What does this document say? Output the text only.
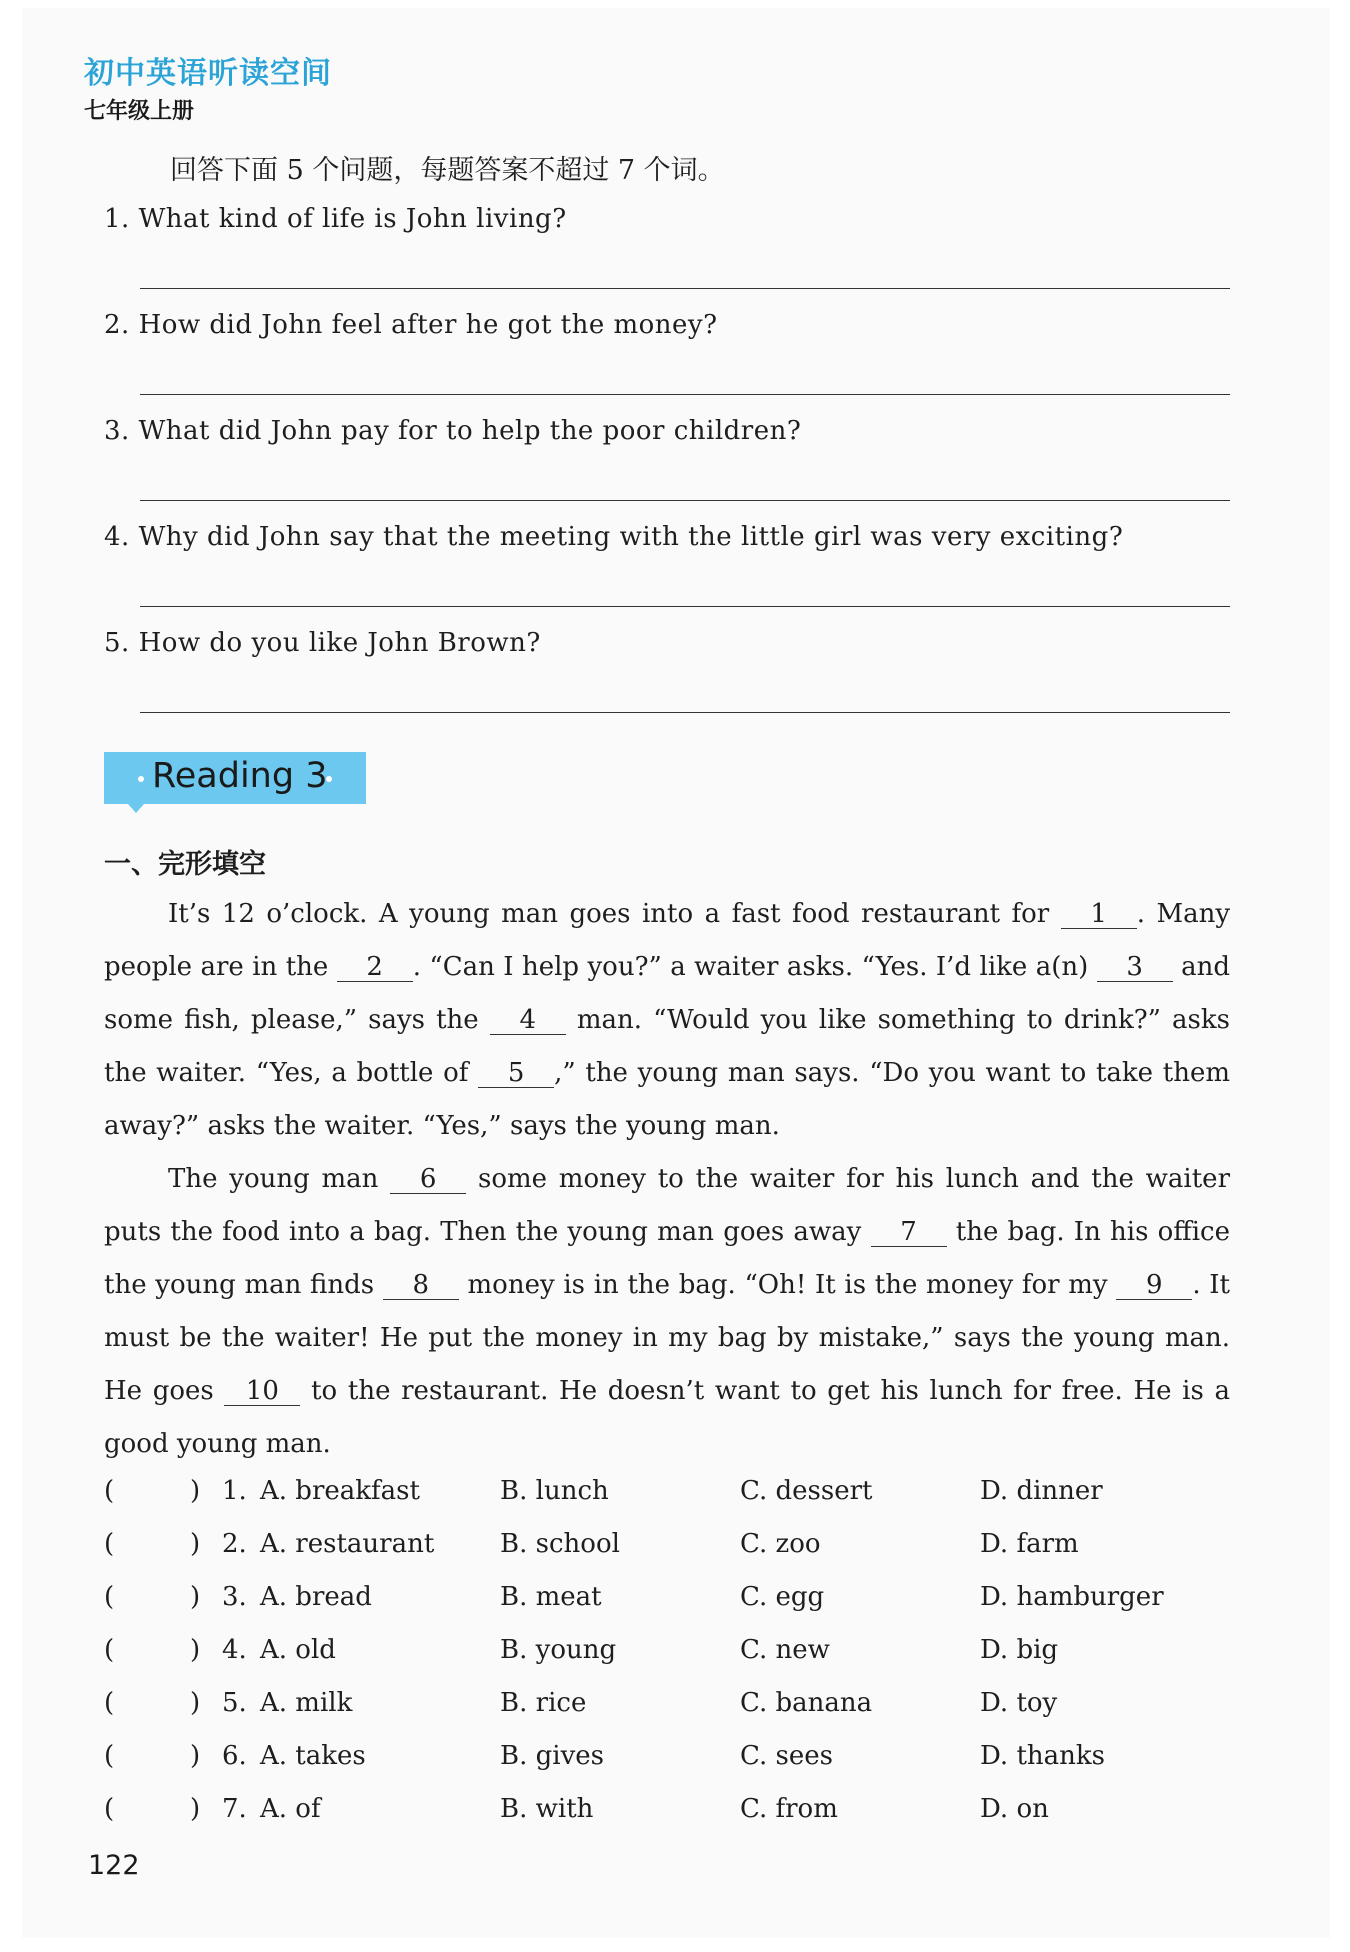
初中英语听读空间
七年级上册
回答下面 5 个问题，每题答案不超过 7 个词。
1. What kind of life is John living?
2. How did John feel after he got the money?
3. What did John pay for to help the poor children?
4. Why did John say that the meeting with the little girl was very exciting?
5. How do you like John Brown?
Reading 3
一、完形填空

It’s 12 o’clock. A young man goes into a fast food restaurant for 1 . Many people are in the 2 . “Can I help you?” a waiter asks. “Yes. I’d like a(n) 3 and some fish, please,” says the 4 man. “Would you like something to drink?” asks the waiter. “Yes, a bottle of 5 ,” the young man says. “Do you want to take them away?” asks the waiter. “Yes,” says the young man.

The young man 6 some money to the waiter for his lunch and the waiter puts the food into a bag. Then the young man goes away 7 the bag. In his office the young man finds 8 money is in the bag. “Oh! It is the money for my 9 . It must be the waiter! He put the money in my bag by mistake,” says the young man. He goes 10 to the restaurant. He doesn’t want to get his lunch for free. He is a good young man.

(	) 1. A. breakfast	B. lunch	C. dessert	D. dinner
(	) 2. A. restaurant	B. school	C. zoo	D. farm
(	) 3. A. bread	B. meat	C. egg	D. hamburger
(	) 4. A. old	B. young	C. new	D. big
(	) 5. A. milk	B. rice	C. banana	D. toy
(	) 6. A. takes	B. gives	C. sees	D. thanks
(	) 7. A. of	B. with	C. from	D. on
122
